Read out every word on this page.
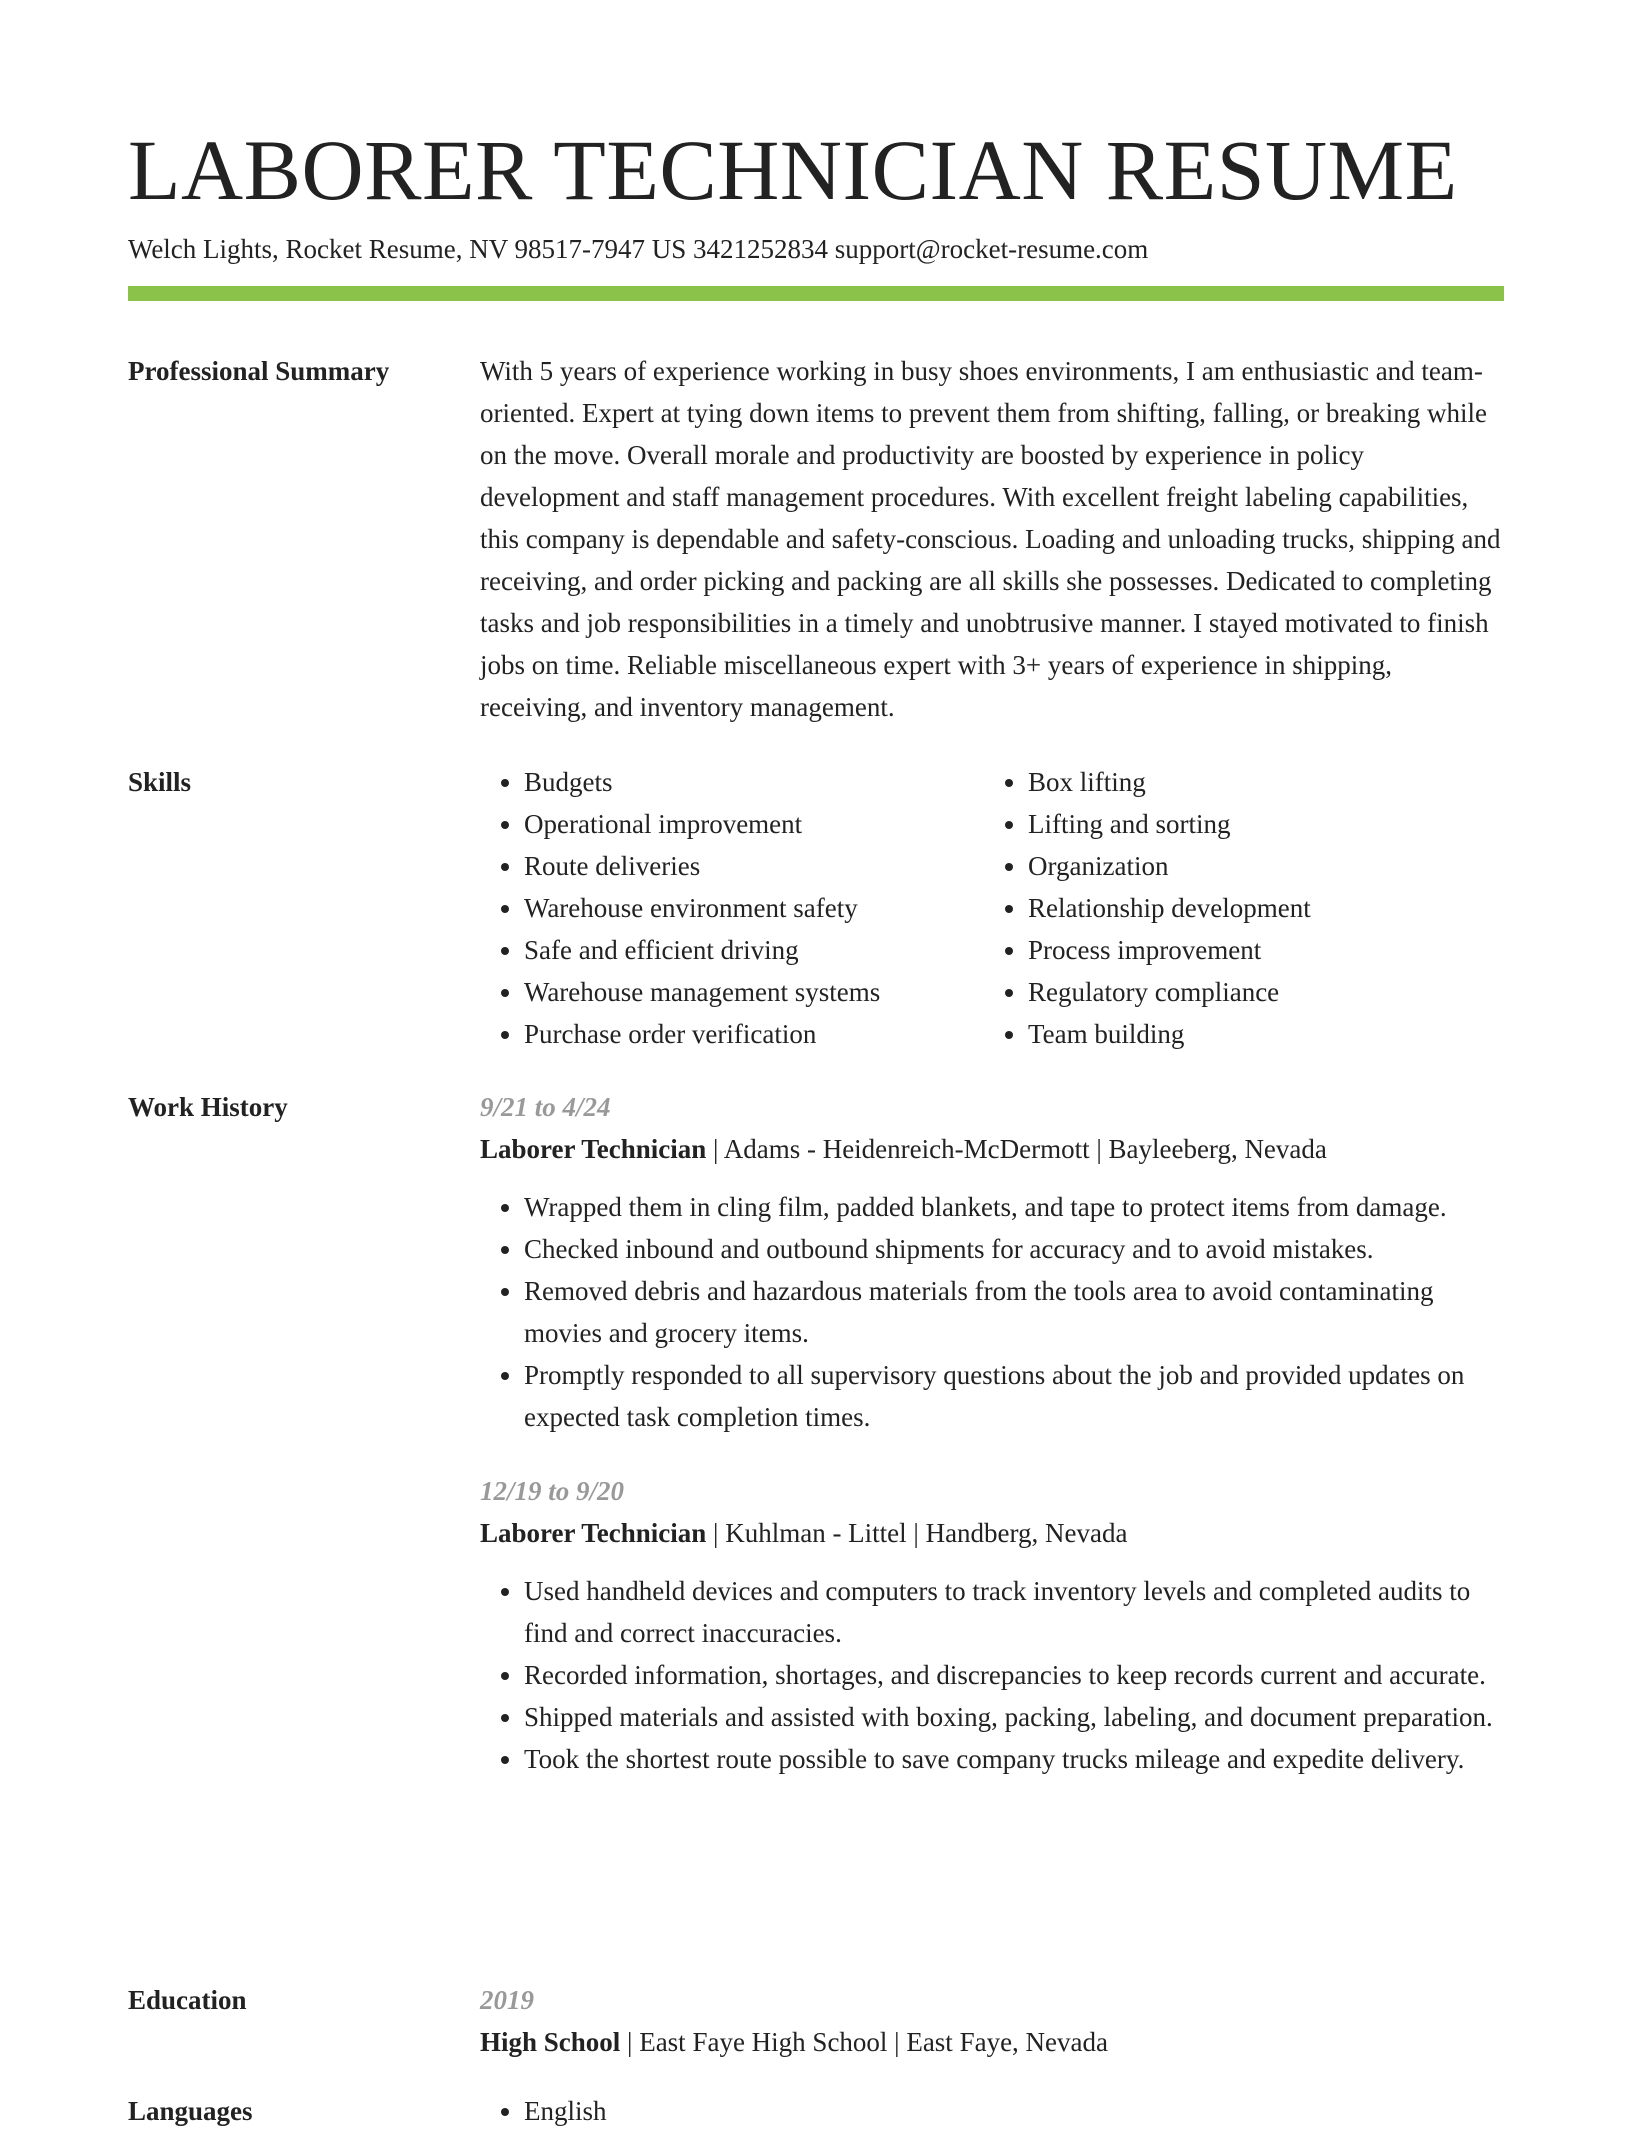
LABORER TECHNICIAN RESUME
Welch Lights, Rocket Resume, NV 98517-7947 US 3421252834 support@rocket-resume.com
Professional Summary	With 5 years of experience working in busy shoes environments, I am enthusiastic and team-oriented. Expert at tying down items to prevent them from shifting, falling, or breaking while on the move. Overall morale and productivity are boosted by experience in policy development and staff management procedures. With excellent freight labeling capabilities, this company is dependable and safety-conscious. Loading and unloading trucks, shipping and receiving, and order picking and packing are all skills she possesses. Dedicated to completing tasks and job responsibilities in a timely and unobtrusive manner. I stayed motivated to finish jobs on time. Reliable miscellaneous expert with 3+ years of experience in shipping, receiving, and inventory management.

Skills	• Budgets
• Operational improvement
• Route deliveries
• Warehouse environment safety
• Safe and efficient driving
• Warehouse management systems
• Purchase order verification
• Box lifting
• Lifting and sorting
• Organization
• Relationship development
• Process improvement
• Regulatory compliance
• Team building
Work History	9/21 to 4/24
Laborer Technician | Adams - Heidenreich-McDermott | Bayleeberg, Nevada
• Wrapped them in cling film, padded blankets, and tape to protect items from damage.
• Checked inbound and outbound shipments for accuracy and to avoid mistakes.
• Removed debris and hazardous materials from the tools area to avoid contaminating movies and grocery items.
• Promptly responded to all supervisory questions about the job and provided updates on expected task completion times.
12/19 to 9/20
Laborer Technician | Kuhlman - Littel | Handberg, Nevada
• Used handheld devices and computers to track inventory levels and completed audits to find and correct inaccuracies.
• Recorded information, shortages, and discrepancies to keep records current and accurate.
• Shipped materials and assisted with boxing, packing, labeling, and document preparation.
• Took the shortest route possible to save company trucks mileage and expedite delivery.
Education	2019
High School | East Faye High School | East Faye, Nevada
Languages	• English
